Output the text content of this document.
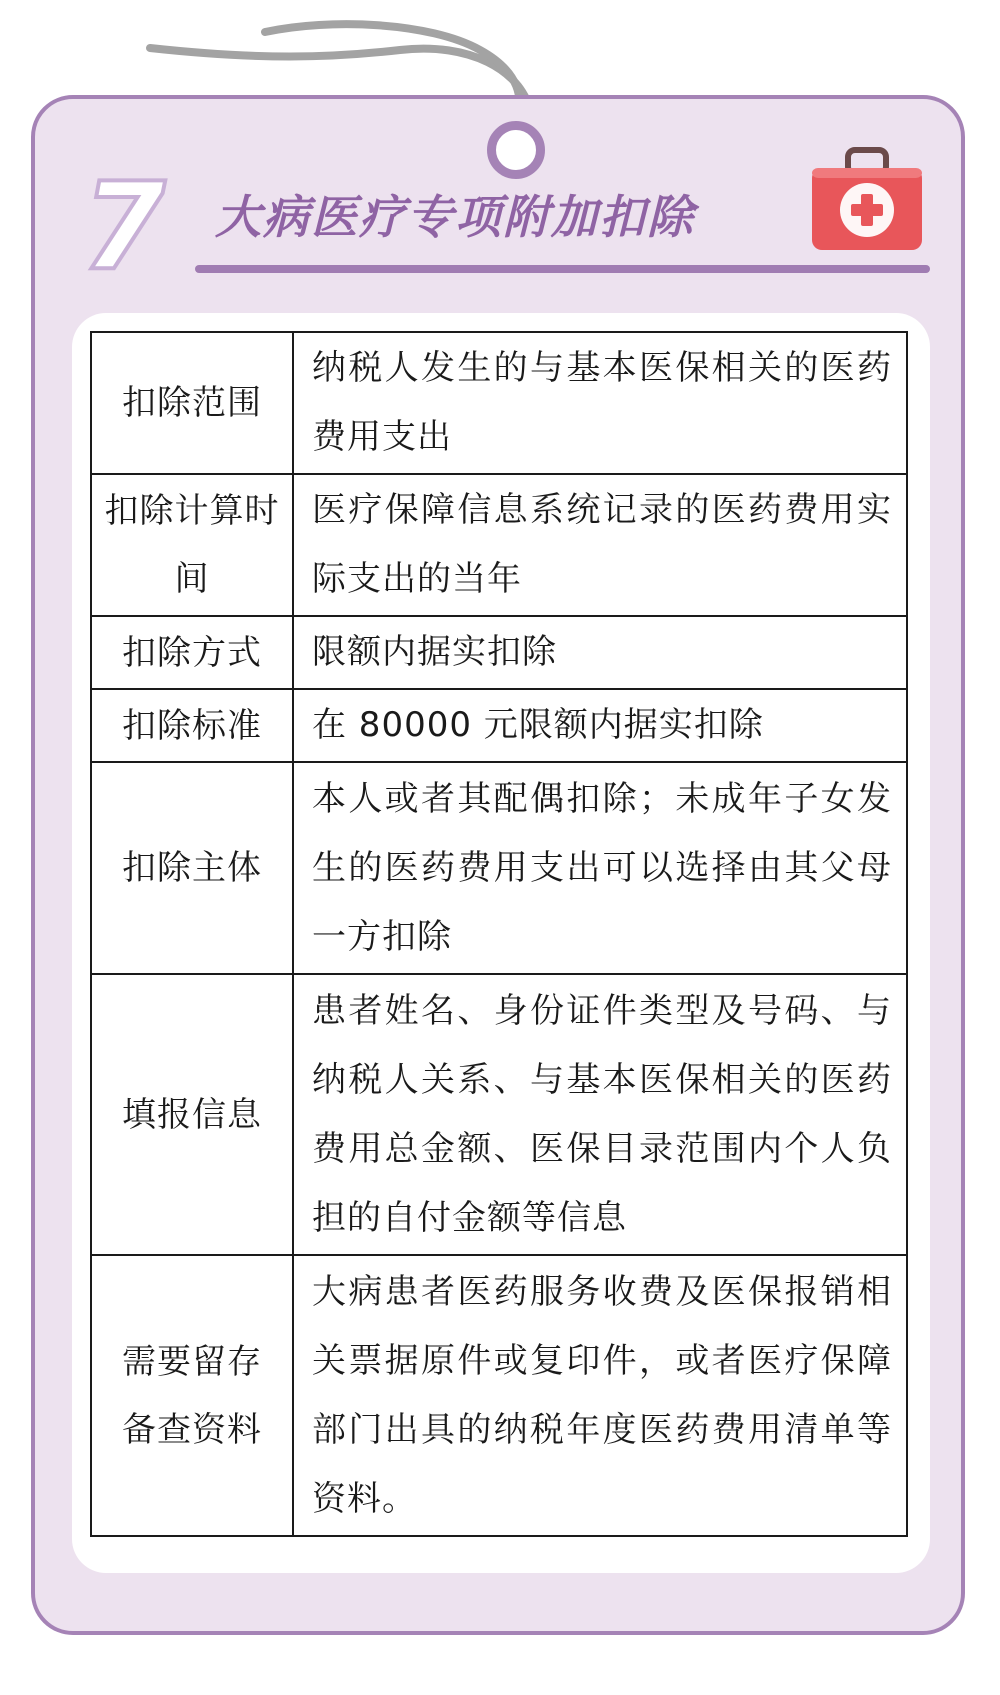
7 大病医疗专项附加扣除
扣除范围	纳税人发生的与基本医保相关的医药费用支出
扣除计算时间	医疗保障信息系统记录的医药费用实际支出的当年
扣除方式	限额内据实扣除
扣除标准	在 80000 元限额内据实扣除
扣除主体	本人或者其配偶扣除；未成年子女发生的医药费用支出可以选择由其父母一方扣除
填报信息	患者姓名、身份证件类型及号码、与纳税人关系、与基本医保相关的医药费用总金额、医保目录范围内个人负担的自付金额等信息
需要留存备查资料	大病患者医药服务收费及医保报销相关票据原件或复印件，或者医疗保障部门出具的纳税年度医药费用清单等资料。
